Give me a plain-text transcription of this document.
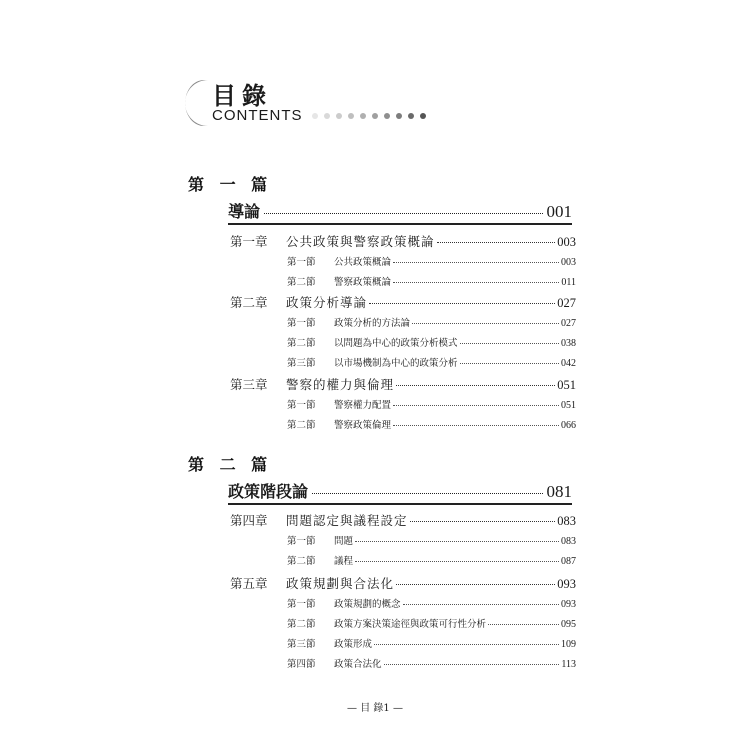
目錄
CONTENTS
第 一 篇
導論	001
第一章	公共政策與警察政策概論	003
第一節	公共政策概論	003
第二節	警察政策概論	011
第二章	政策分析導論	027
第一節	政策分析的方法論	027
第二節	以問題為中心的政策分析模式	038
第三節	以市場機制為中心的政策分析	042
第三章	警察的權力與倫理	051
第一節	警察權力配置	051
第二節	警察政策倫理	066
第 二 篇
政策階段論	081
第四章	問題認定與議程設定	083
第一節	問題	083
第二節	議程	087
第五章	政策規劃與合法化	093
第一節	政策規劃的概念	093
第二節	政策方案決策途徑與政策可行性分析	095
第三節	政策形成	109
第四節	政策合法化	113
— 目 錄1 —
